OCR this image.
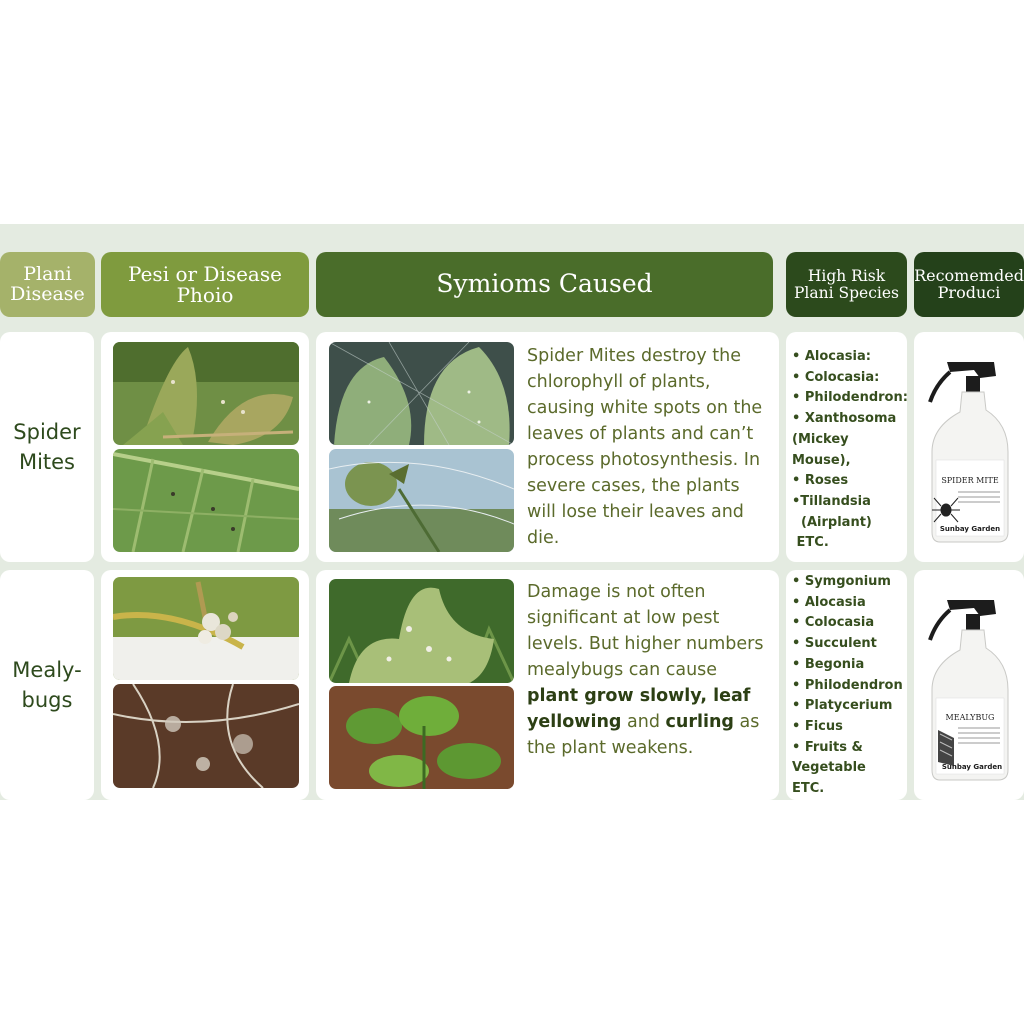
Plani
Disease
Pesi or Disease
Phoio	Symioms Caused	High Risk
Plani Species
Recomemded
Produci
Spider
Mites
Spider Mites destroy the chlorophyll of plants, causing white spots on the leaves of plants and can’t process photosynthesis. In severe cases, the plants will lose their leaves and die.
• Alocasia:
• Colocasia:
• Philodendron:
• Xanthosoma
(Mickey Mouse),
• Roses
•Tillandsia
(Airplant)
ETC.
SPIDER MITE
Sunbay Garden
Mealy-
bugs
Damage is not often significant at low pest levels. But higher numbers mealybugs can cause plant grow slowly, leaf yellowing and curling as the plant weakens.
• Symgonium
• Alocasia
• Colocasia
• Succulent
• Begonia
• Philodendron
• Platycerium
• Ficus
• Fruits &
Vegetable
ETC.
MEALYBUG
Sunbay Garden
